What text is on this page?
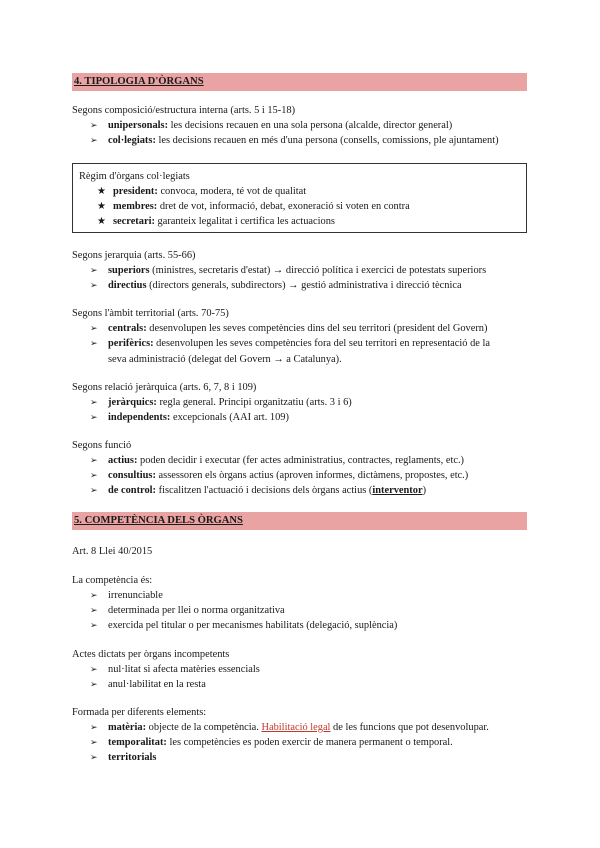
4. TIPOLOGIA D'ÒRGANS
Segons composició/estructura interna (arts. 5 i 15-18)
➢ unipersonals: les decisions recauen en una sola persona (alcalde, director general)
➢ col·legiats: les decisions recauen en més d'una persona (consells, comissions, ple ajuntament)
Règim d'òrgans col·legiats
★ president: convoca, modera, té vot de qualitat
★ membres: dret de vot, informació, debat, exoneració si voten en contra
★ secretari: garanteix legalitat i certifica les actuacions
Segons jerarquia (arts. 55-66)
➢ superiors (ministres, secretaris d'estat) → direcció política i exercici de potestats superiors
➢ directius (directors generals, subdirectors) → gestió administrativa i direcció tècnica
Segons l'àmbit territorial (arts. 70-75)
➢ centrals: desenvolupen les seves competències dins del seu territori (president del Govern)
➢ perifèrics: desenvolupen les seves competències fora del seu territori en representació de la
seva administració (delegat del Govern → a Catalunya).
Segons relació jeràrquica (arts. 6, 7, 8 i 109)
➢ jeràrquics: regla general. Principi organitzatiu (arts. 3 i 6)
➢ independents: excepcionals (AAI art. 109)
Segons funció
➢ actius: poden decidir i executar (fer actes administratius, contractes, reglaments, etc.)
➢ consultius: assessoren els òrgans actius (aproven informes, dictàmens, propostes, etc.)
➢ de control: fiscalitzen l'actuació i decisions dels òrgans actius (interventor)
5. COMPETÈNCIA DELS ÒRGANS
Art. 8 Llei 40/2015
La competència és:
➢ irrenunciable
➢ determinada per llei o norma organitzativa
➢ exercida pel titular o per mecanismes habilitats (delegació, suplència)
Actes dictats per òrgans incompetents
➢ nul·litat si afecta matèries essencials
➢ anul·labilitat en la resta
Formada per diferents elements:
➢ matèria: objecte de la competència. Habilitació legal de les funcions que pot desenvolupar.
➢ temporalitat: les competències es poden exercir de manera permanent o temporal.
➢ territorials
